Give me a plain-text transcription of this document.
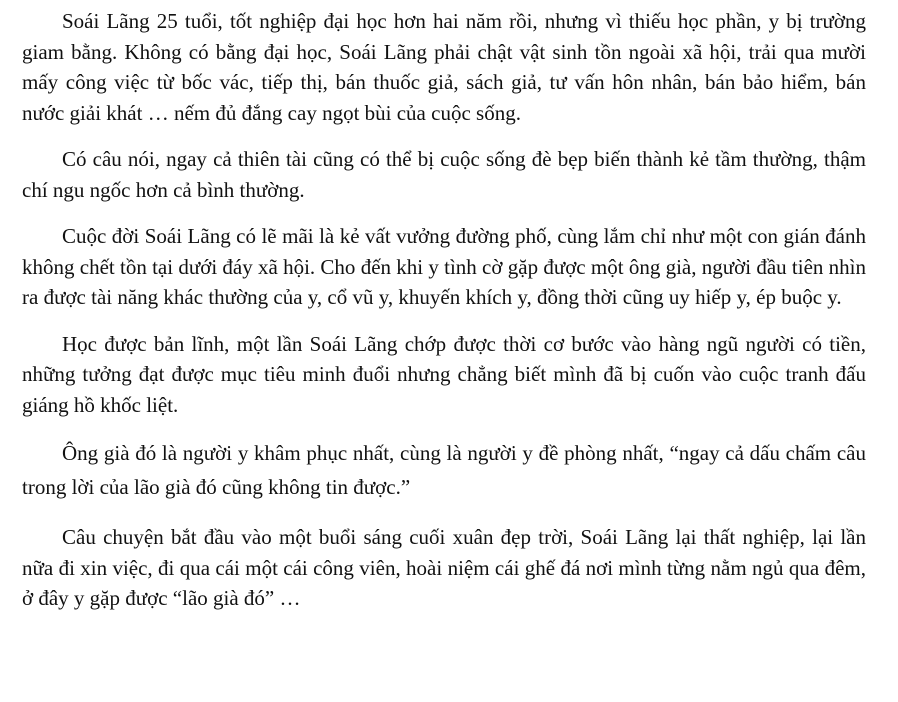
Soái Lãng 25 tuổi, tốt nghiệp đại học hơn hai năm rồi, nhưng vì thiếu học phần, y bị trường giam bằng. Không có bằng đại học, Soái Lãng phải chật vật sinh tồn ngoài xã hội, trải qua mười mấy công việc từ bốc vác, tiếp thị, bán thuốc giả, sách giả, tư vấn hôn nhân, bán bảo hiểm, bán nước giải khát … nếm đủ đắng cay ngọt bùi của cuộc sống.

Có câu nói, ngay cả thiên tài cũng có thể bị cuộc sống đè bẹp biến thành kẻ tầm thường, thậm chí ngu ngốc hơn cả bình thường.

Cuộc đời Soái Lãng có lẽ mãi là kẻ vất vưởng đường phố, cùng lắm chỉ như một con gián đánh không chết tồn tại dưới đáy xã hội. Cho đến khi y tình cờ gặp được một ông già, người đầu tiên nhìn ra được tài năng khác thường của y, cổ vũ y, khuyến khích y, đồng thời cũng uy hiếp y, ép buộc y.

Học được bản lĩnh, một lần Soái Lãng chớp được thời cơ bước vào hàng ngũ người có tiền, những tưởng đạt được mục tiêu minh đuổi nhưng chẳng biết mình đã bị cuốn vào cuộc tranh đấu giáng hồ khốc liệt.

Ông già đó là người y khâm phục nhất, cùng là người y đề phòng nhất, “ngay cả dấu chấm câu trong lời của lão già đó cũng không tin được.”

Câu chuyện bắt đầu vào một buổi sáng cuối xuân đẹp trời, Soái Lãng lại thất nghiệp, lại lần nữa đi xin việc, đi qua cái một cái công viên, hoài niệm cái ghế đá nơi mình từng nằm ngủ qua đêm, ở đây y gặp được “lão già đó” …
